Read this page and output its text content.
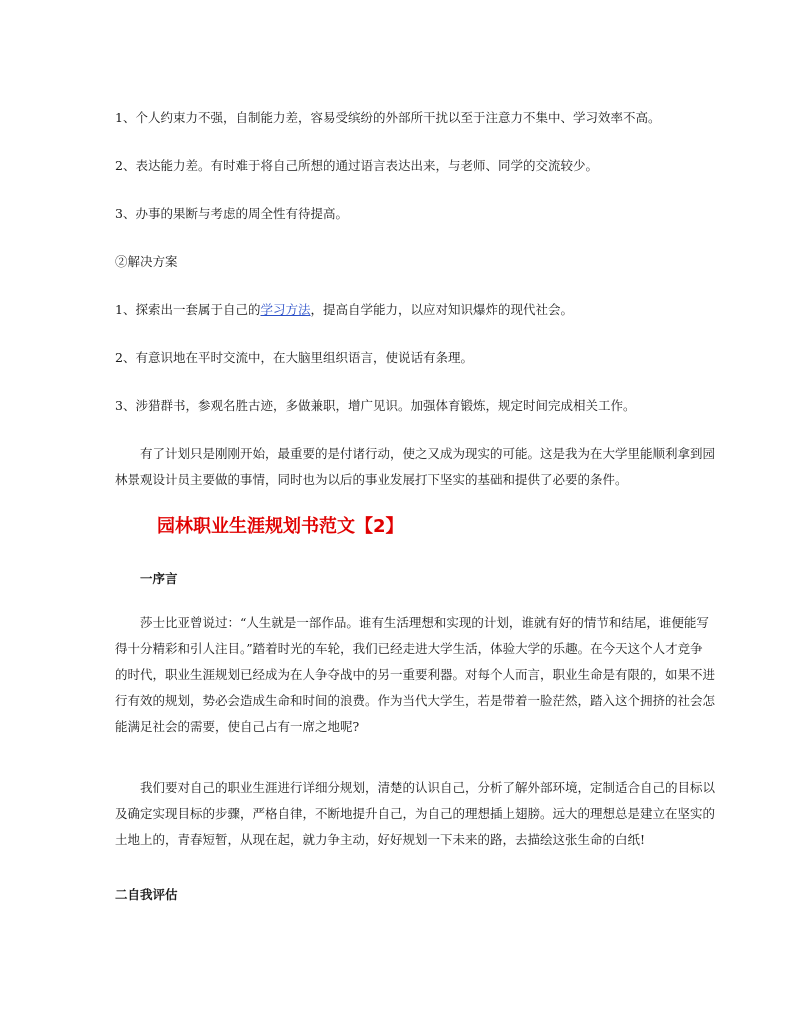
1、个人约束力不强，自制能力差，容易受缤纷的外部所干扰以至于注意力不集中、学习效率不高。
2、表达能力差。有时难于将自己所想的通过语言表达出来，与老师、同学的交流较少。
3、办事的果断与考虑的周全性有待提高。
②解决方案
1、探索出一套属于自己的学习方法，提高自学能力，以应对知识爆炸的现代社会。
2、有意识地在平时交流中，在大脑里组织语言，使说话有条理。
3、涉猎群书，参观名胜古迹，多做兼职，增广见识。加强体育锻炼，规定时间完成相关工作。
有了计划只是刚刚开始，最重要的是付诸行动，使之又成为现实的可能。这是我为在大学里能顺利拿到园
林景观设计员主要做的事情，同时也为以后的事业发展打下坚实的基础和提供了必要的条件。
园林职业生涯规划书范文【2】
一序言
莎士比亚曾说过：“人生就是一部作品。谁有生活理想和实现的计划，谁就有好的情节和结尾，谁便能写
得十分精彩和引人注目。”踏着时光的车轮，我们已经走进大学生活，体验大学的乐趣。在今天这个人才竞争
的时代，职业生涯规划已经成为在人争夺战中的另一重要利器。对每个人而言，职业生命是有限的，如果不进
行有效的规划，势必会造成生命和时间的浪费。作为当代大学生，若是带着一脸茫然，踏入这个拥挤的社会怎
能满足社会的需要，使自己占有一席之地呢?
我们要对自己的职业生涯进行详细分规划，清楚的认识自己，分析了解外部环境，定制适合自己的目标以
及确定实现目标的步骤，严格自律，不断地提升自己，为自己的理想插上翅膀。远大的理想总是建立在坚实的
土地上的，青春短暂，从现在起，就力争主动，好好规划一下未来的路，去描绘这张生命的白纸!
二自我评估
